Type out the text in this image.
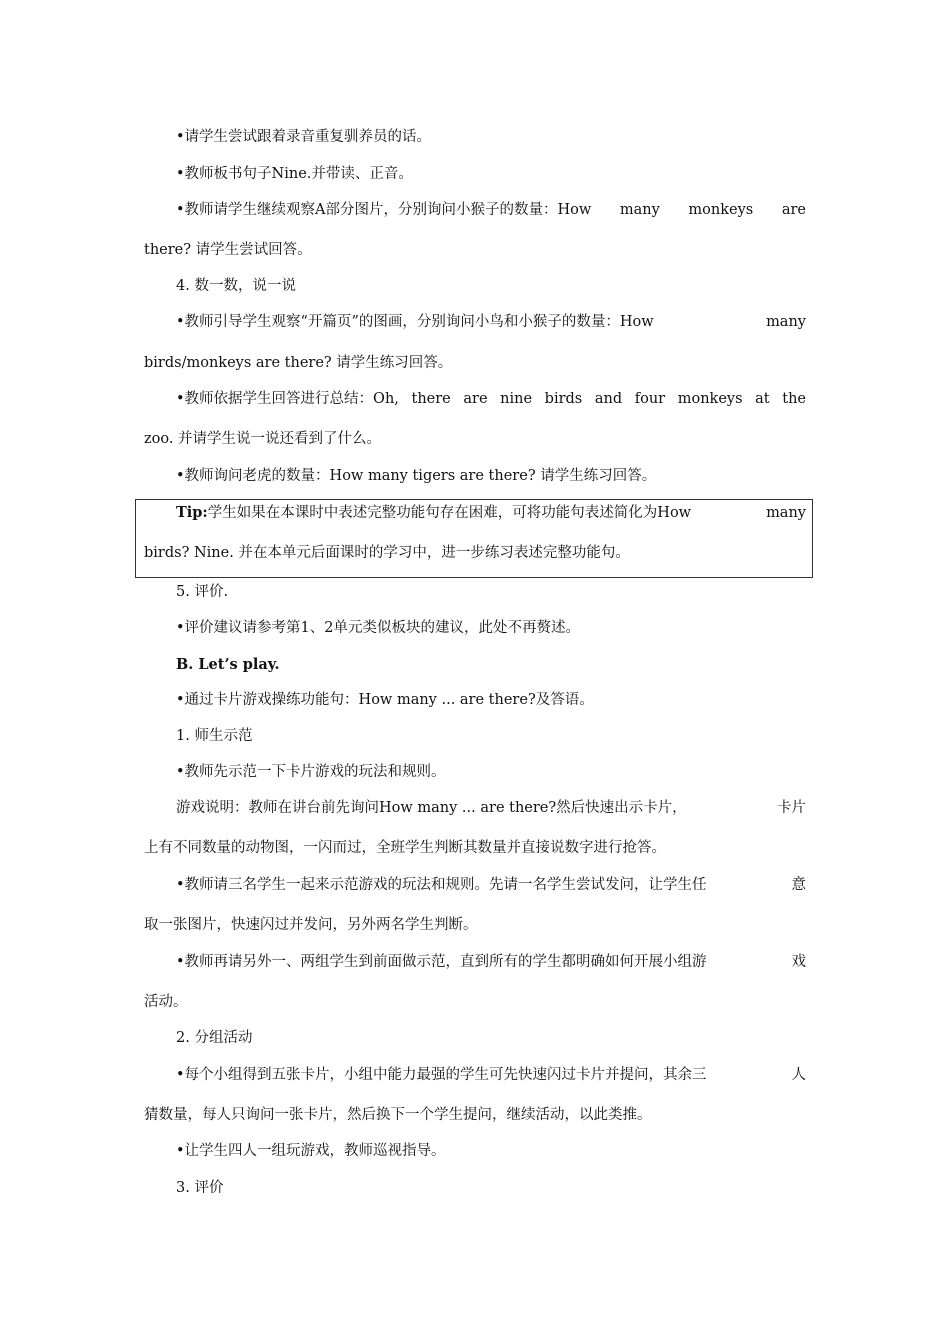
•请学生尝试跟着录音重复驯养员的话。
•教师板书句子Nine.并带读、正音。
•教师请学生继续观察A部分图片，分别询问小猴子的数量：How many monkeys are
there? 请学生尝试回答。
4. 数一数，说一说
•教师引导学生观察“开篇页”的图画，分别询问小鸟和小猴子的数量：How	many
birds/monkeys are there? 请学生练习回答。
•教师依据学生回答进行总结：Oh, there are nine birds and four monkeys at the
zoo. 并请学生说一说还看到了什么。
•教师询问老虎的数量：How many tigers are there? 请学生练习回答。
Tip:学生如果在本课时中表述完整功能句存在困难，可将功能句表述简化为How	many
birds? Nine. 并在本单元后面课时的学习中，进一步练习表述完整功能句。
5. 评价.
•评价建议请参考第1、2单元类似板块的建议，此处不再赘述。
B. Let’s play.
•通过卡片游戏操练功能句：How many ... are there?及答语。
1. 师生示范
•教师先示范一下卡片游戏的玩法和规则。
游戏说明：教师在讲台前先询问How many ... are there?然后快速出示卡片，	卡片
上有不同数量的动物图，一闪而过，全班学生判断其数量并直接说数字进行抢答。
•教师请三名学生一起来示范游戏的玩法和规则。先请一名学生尝试发问，让学生任	意
取一张图片，快速闪过并发问，另外两名学生判断。
•教师再请另外一、两组学生到前面做示范，直到所有的学生都明确如何开展小组游	戏
活动。
2. 分组活动
•每个小组得到五张卡片，小组中能力最强的学生可先快速闪过卡片并提问，其余三	人
猜数量，每人只询问一张卡片，然后换下一个学生提问，继续活动，以此类推。
•让学生四人一组玩游戏，教师巡视指导。
3. 评价
